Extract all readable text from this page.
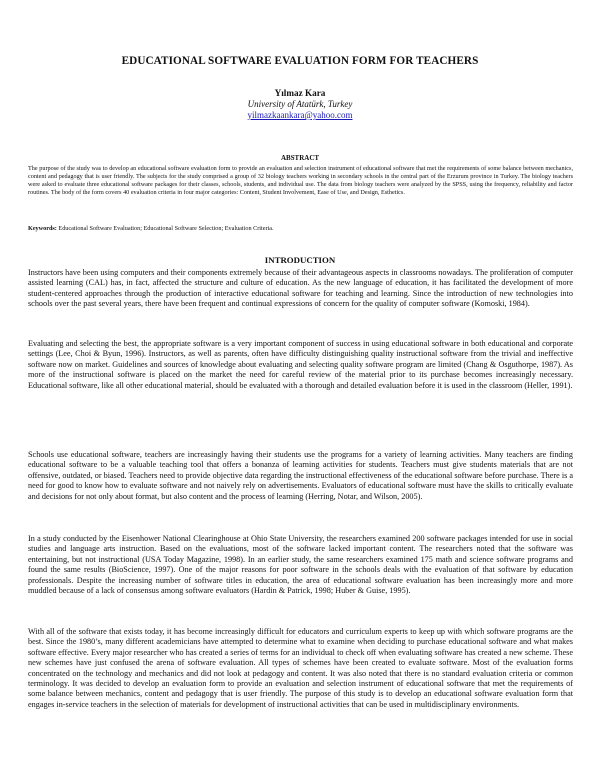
EDUCATIONAL SOFTWARE EVALUATION FORM FOR TEACHERS
Yılmaz Kara
University of Atatürk, Turkey
yilmazkaankara@yahoo.com
ABSTRACT
The purpose of the study was to develop an educational software evaluation form to provide an evaluation and selection instrument of educational software that met the requirements of some balance between mechanics, content and pedagogy that is user friendly. The subjects for the study comprised a group of 32 biology teachers working in secondary schools in the central part of the Erzurum province in Turkey. The biology teachers were asked to evaluate three educational software packages for their classes, schools, students, and individual use. The data from biology teachers were analyzed by the SPSS, using the frequency, reliability and factor routines. The body of the form covers 40 evaluation criteria in four major categories: Content, Student Involvement, Ease of Use, and Design, Esthetics.
Keywords: Educational Software Evaluation; Educational Software Selection; Evaluation Criteria.
INTRODUCTION
Instructors have been using computers and their components extremely because of their advantageous aspects in classrooms nowadays. The proliferation of computer assisted learning (CAL) has, in fact, affected the structure and culture of education. As the new language of education, it has facilitated the development of more student-centered approaches through the production of interactive educational software for teaching and learning. Since the introduction of new technologies into schools over the past several years, there have been frequent and continual expressions of concern for the quality of computer software (Komoski, 1984).
Evaluating and selecting the best, the appropriate software is a very important component of success in using educational software in both educational and corporate settings (Lee, Choi & Byun, 1996). Instructors, as well as parents, often have difficulty distinguishing quality instructional software from the trivial and ineffective software now on market. Guidelines and sources of knowledge about evaluating and selecting quality software program are limited (Chang & Osguthorpe, 1987). As more of the instructional software is placed on the market the need for careful review of the material prior to its purchase becomes increasingly necessary. Educational software, like all other educational material, should be evaluated with a thorough and detailed evaluation before it is used in the classroom (Heller, 1991).
Schools use educational software, teachers are increasingly having their students use the programs for a variety of learning activities. Many teachers are finding educational software to be a valuable teaching tool that offers a bonanza of learning activities for students. Teachers must give students materials that are not offensive, outdated, or biased. Teachers need to provide objective data regarding the instructional effectiveness of the educational software before purchase. There is a need for good to know how to evaluate software and not naively rely on advertisements. Evaluators of educational software must have the skills to critically evaluate and decisions for not only about format, but also content and the process of learning (Herring, Notar, and Wilson, 2005).
In a study conducted by the Eisenhower National Clearinghouse at Ohio State University, the researchers examined 200 software packages intended for use in social studies and language arts instruction. Based on the evaluations, most of the software lacked important content. The researchers noted that the software was entertaining, but not instructional (USA Today Magazine, 1998). In an earlier study, the same researchers examined 175 math and science software programs and found the same results (BioScience, 1997). One of the major reasons for poor software in the schools deals with the evaluation of that software by education professionals. Despite the increasing number of software titles in education, the area of educational software evaluation has been increasingly more and more muddled because of a lack of consensus among software evaluators (Hardin & Patrick, 1998; Huber & Guise, 1995).
With all of the software that exists today, it has become increasingly difficult for educators and curriculum experts to keep up with which software programs are the best. Since the 1980’s, many different academicians have attempted to determine what to examine when deciding to purchase educational software and what makes software effective. Every major researcher who has created a series of terms for an individual to check off when evaluating software has created a new scheme. These new schemes have just confused the arena of software evaluation. All types of schemes have been created to evaluate software. Most of the evaluation forms concentrated on the technology and mechanics and did not look at pedagogy and content. It was also noted that there is no standard evaluation criteria or common terminology. It was decided to develop an evaluation form to provide an evaluation and selection instrument of educational software that met the requirements of some balance between mechanics, content and pedagogy that is user friendly. The purpose of this study is to develop an educational software evaluation form that engages in-service teachers in the selection of materials for development of instructional activities that can be used in multidisciplinary environments.
